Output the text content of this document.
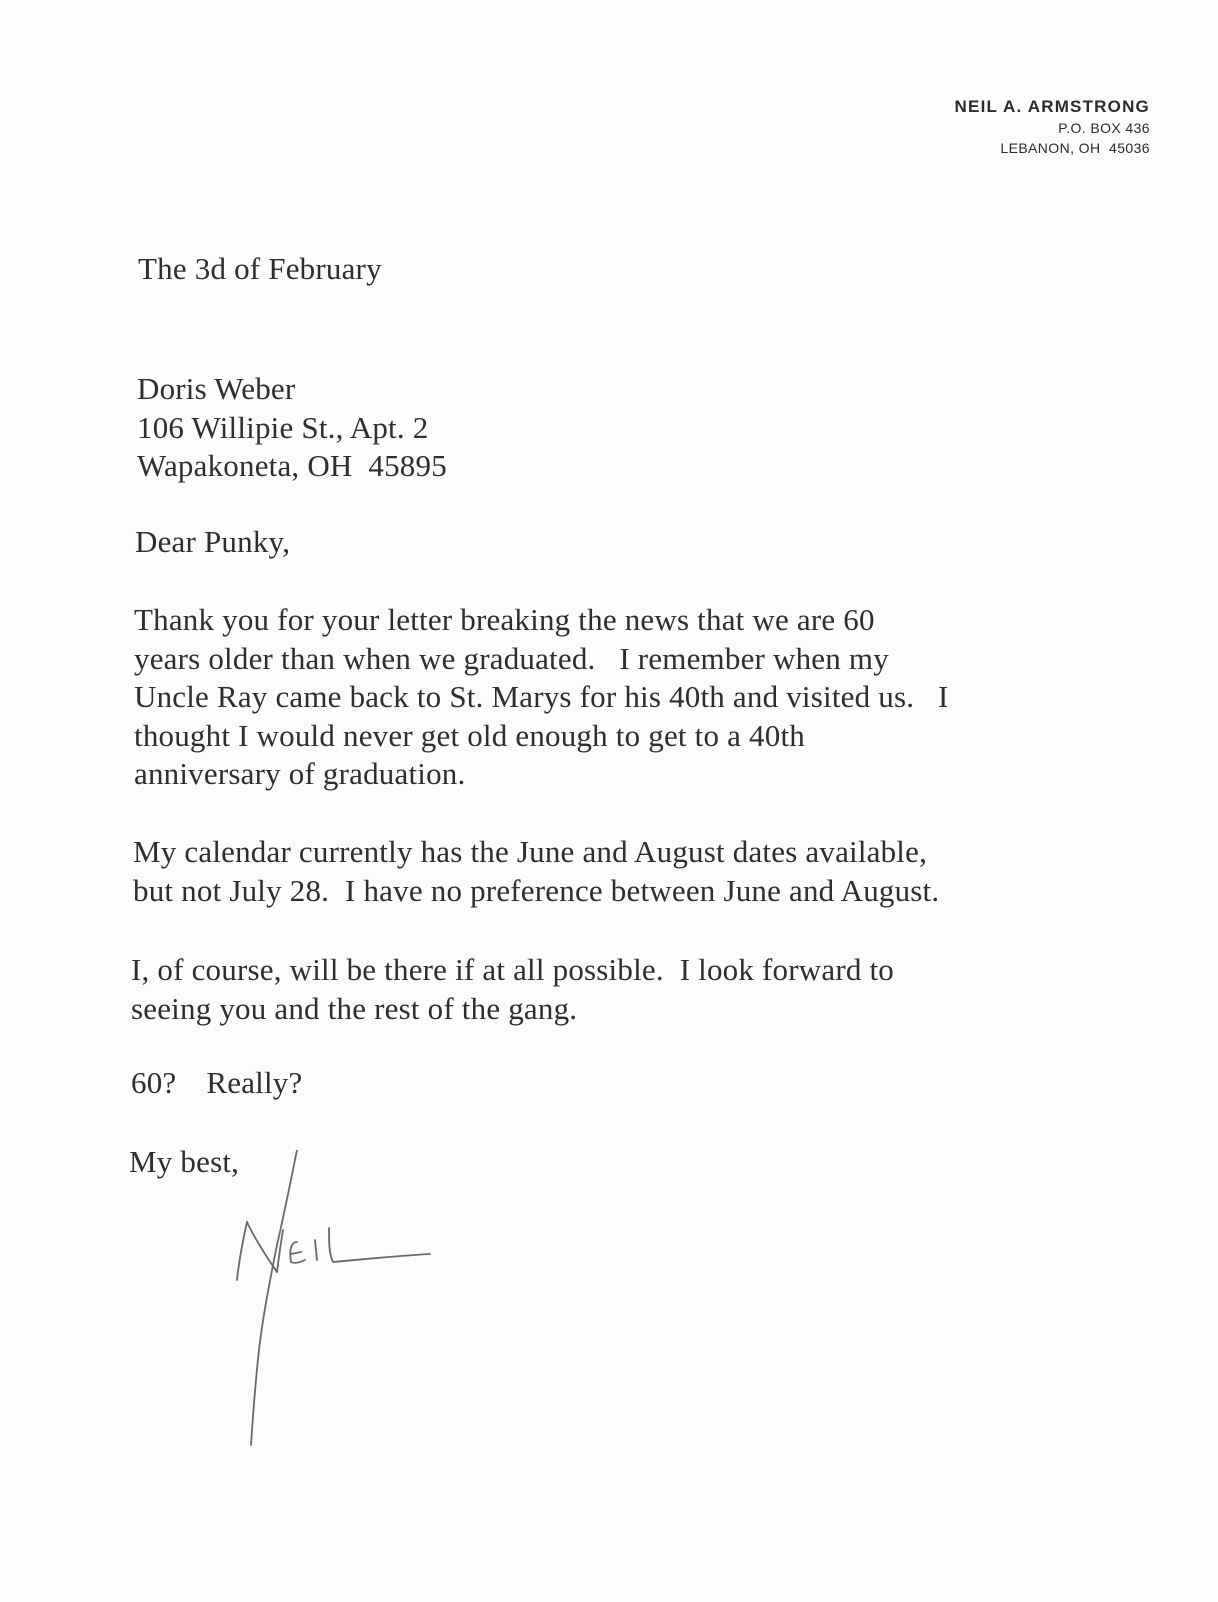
NEIL A. ARMSTRONG
P.O. BOX 436
LEBANON, OH  45036
The 3d of February
Doris Weber
106 Willipie St., Apt. 2
Wapakoneta, OH  45895
Dear Punky,
Thank you for your letter breaking the news that we are 60
years older than when we graduated.   I remember when my
Uncle Ray came back to St. Marys for his 40th and visited us.   I
thought I would never get old enough to get to a 40th
anniversary of graduation.
My calendar currently has the June and August dates available,
but not July 28.  I have no preference between June and August.
I, of course, will be there if at all possible.  I look forward to
seeing you and the rest of the gang.
60? Really?
My best,
